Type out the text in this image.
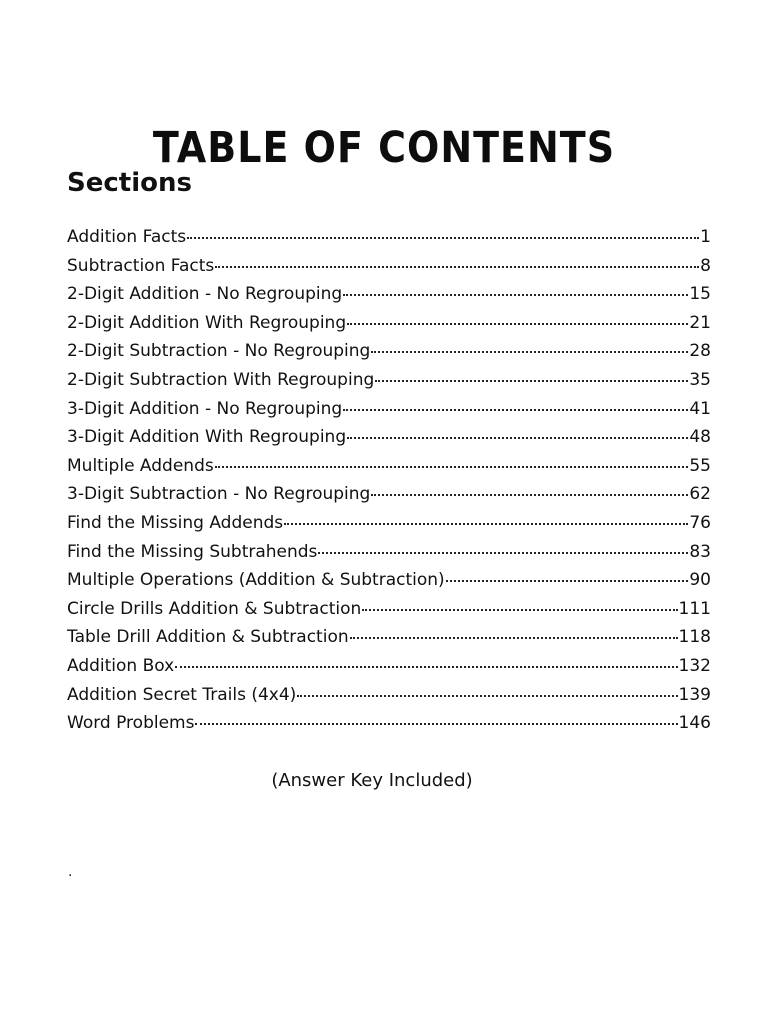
TABLE OF CONTENTS
Sections
Addition Facts	1
Subtraction Facts	8
2-Digit Addition - No Regrouping	15
2-Digit Addition With Regrouping	21
2-Digit Subtraction - No Regrouping	28
2-Digit Subtraction With Regrouping	35
3-Digit Addition - No Regrouping	41
3-Digit Addition With Regrouping	48
Multiple Addends	55
3-Digit Subtraction - No Regrouping	62
Find the Missing Addends	76
Find the Missing Subtrahends	83
Multiple Operations (Addition & Subtraction)	90
Circle Drills Addition & Subtraction	111
Table Drill Addition & Subtraction	118
Addition Box	132
Addition Secret Trails (4x4)	139
Word Problems	146
(Answer Key Included)
.
